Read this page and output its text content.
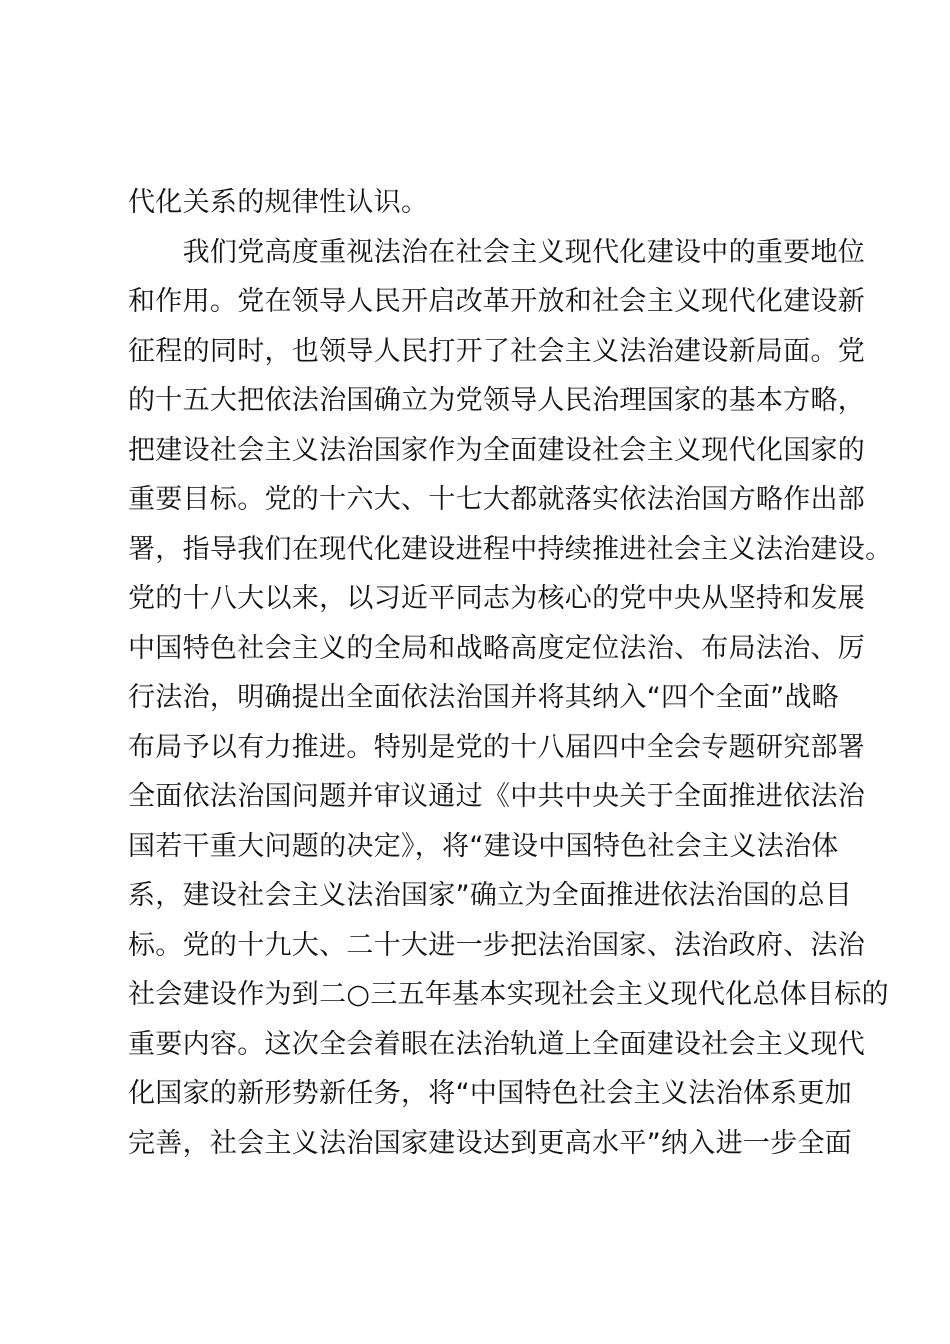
代化关系的规律性认识。
　　我们党高度重视法治在社会主义现代化建设中的重要地位
和作用。党在领导人民开启改革开放和社会主义现代化建设新
征程的同时，也领导人民打开了社会主义法治建设新局面。党
的十五大把依法治国确立为党领导人民治理国家的基本方略，
把建设社会主义法治国家作为全面建设社会主义现代化国家的
重要目标。党的十六大、十七大都就落实依法治国方略作出部
署，指导我们在现代化建设进程中持续推进社会主义法治建设。
党的十八大以来，以习近平同志为核心的党中央从坚持和发展
中国特色社会主义的全局和战略高度定位法治、布局法治、厉
行法治，明确提出全面依法治国并将其纳入“四个全面”战略
布局予以有力推进。特别是党的十八届四中全会专题研究部署
全面依法治国问题并审议通过《中共中央关于全面推进依法治
国若干重大问题的决定》，将“建设中国特色社会主义法治体
系，建设社会主义法治国家”确立为全面推进依法治国的总目
标。党的十九大、二十大进一步把法治国家、法治政府、法治
社会建设作为到二○三五年基本实现社会主义现代化总体目标的
重要内容。这次全会着眼在法治轨道上全面建设社会主义现代
化国家的新形势新任务，将“中国特色社会主义法治体系更加
完善，社会主义法治国家建设达到更高水平”纳入进一步全面
